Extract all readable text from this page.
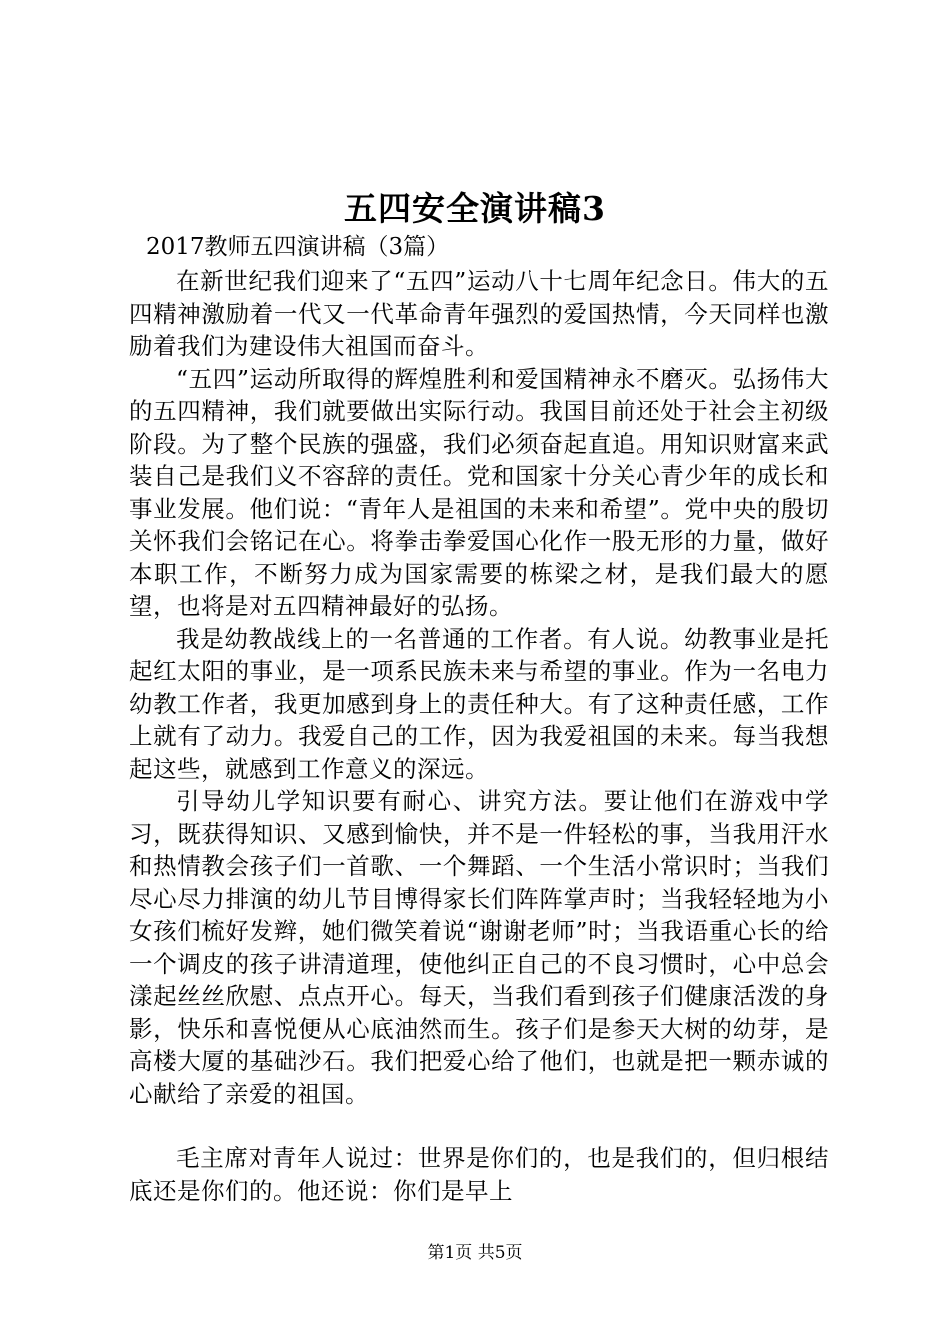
五四安全演讲稿3
2017教师五四演讲稿（3篇）

在新世纪我们迎来了“五四”运动八十七周年纪念日。伟大的五四精神激励着一代又一代革命青年强烈的爱国热情，今天同样也激励着我们为建设伟大祖国而奋斗。

“五四”运动所取得的辉煌胜利和爱国精神永不磨灭。弘扬伟大的五四精神，我们就要做出实际行动。我国目前还处于社会主初级阶段。为了整个民族的强盛，我们必须奋起直追。用知识财富来武装自己是我们义不容辞的责任。党和国家十分关心青少年的成长和事业发展。他们说：“青年人是祖国的未来和希望”。党中央的殷切关怀我们会铭记在心。将拳击拳爱国心化作一股无形的力量，做好本职工作，不断努力成为国家需要的栋梁之材，是我们最大的愿望，也将是对五四精神最好的弘扬。

我是幼教战线上的一名普通的工作者。有人说。幼教事业是托起红太阳的事业，是一项系民族未来与希望的事业。作为一名电力幼教工作者，我更加感到身上的责任种大。有了这种责任感，工作上就有了动力。我爱自己的工作，因为我爱祖国的未来。每当我想起这些，就感到工作意义的深远。

引导幼儿学知识要有耐心、讲究方法。要让他们在游戏中学习，既获得知识、又感到愉快，并不是一件轻松的事，当我用汗水和热情教会孩子们一首歌、一个舞蹈、一个生活小常识时；当我们尽心尽力排演的幼儿节目博得家长们阵阵掌声时；当我轻轻地为小女孩们梳好发辫，她们微笑着说“谢谢老师”时；当我语重心长的给一个调皮的孩子讲清道理，使他纠正自己的不良习惯时，心中总会漾起丝丝欣慰、点点开心。每天，当我们看到孩子们健康活泼的身影，快乐和喜悦便从心底油然而生。孩子们是参天大树的幼芽，是高楼大厦的基础沙石。我们把爱心给了他们，也就是把一颗赤诚的心献给了亲爱的祖国。

毛主席对青年人说过：世界是你们的，也是我们的，但归根结底还是你们的。他还说：你们是早上

第1页 共5页
